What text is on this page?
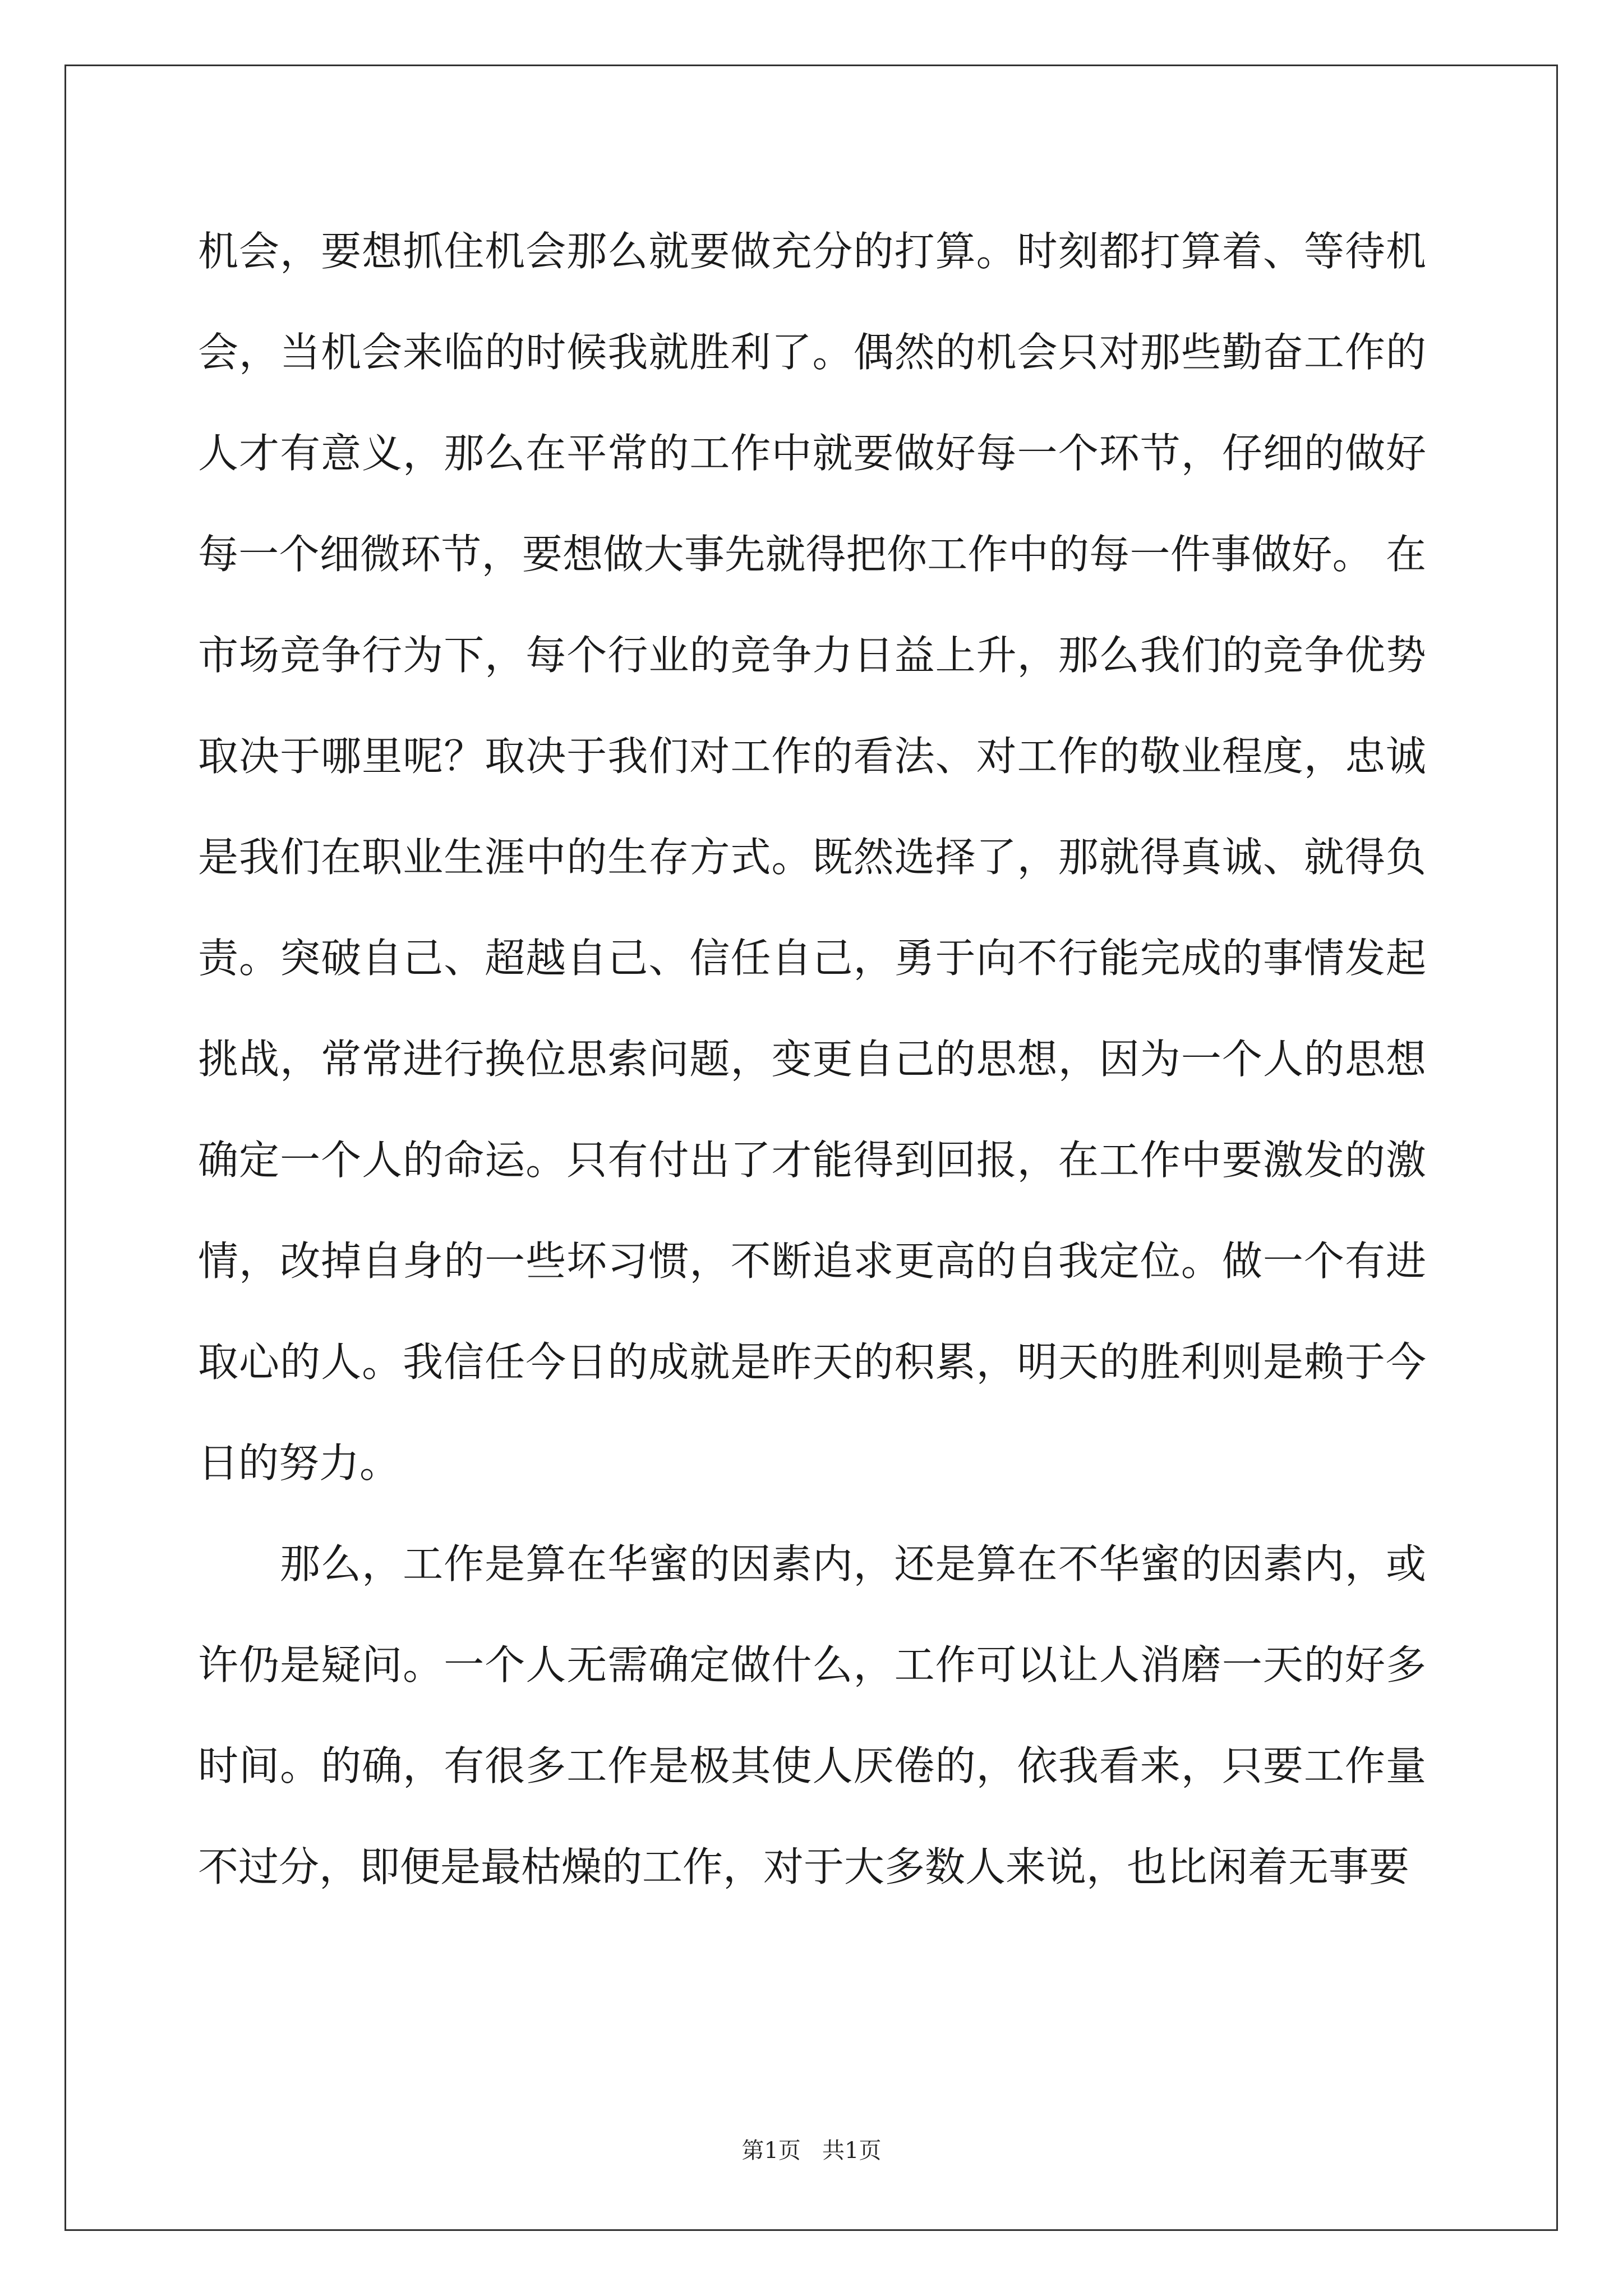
机会，要想抓住机会那么就要做充分的打算。时刻都打算着、等待机会，当机会来临的时候我就胜利了。偶然的机会只对那些勤奋工作的人才有意义，那么在平常的工作中就要做好每一个环节，仔细的做好每一个细微环节，要想做大事先就得把你工作中的每一件事做好。 在市场竞争行为下，每个行业的竞争力日益上升，那么我们的竞争优势取决于哪里呢？取决于我们对工作的看法、对工作的敬业程度，忠诚是我们在职业生涯中的生存方式。既然选择了，那就得真诚、就得负责。突破自己、超越自己、信任自己，勇于向不行能完成的事情发起挑战，常常进行换位思索问题，变更自己的思想，因为一个人的思想确定一个人的命运。只有付出了才能得到回报，在工作中要激发的激情，改掉自身的一些坏习惯，不断追求更高的自我定位。做一个有进取心的人。我信任今日的成就是昨天的积累，明天的胜利则是赖于今日的努力。

那么，工作是算在华蜜的因素内，还是算在不华蜜的因素内，或许仍是疑问。一个人无需确定做什么，工作可以让人消磨一天的好多时间。的确，有很多工作是极其使人厌倦的，依我看来，只要工作量不过分，即便是最枯燥的工作，对于大多数人来说，也比闲着无事要

第1页   共1页
